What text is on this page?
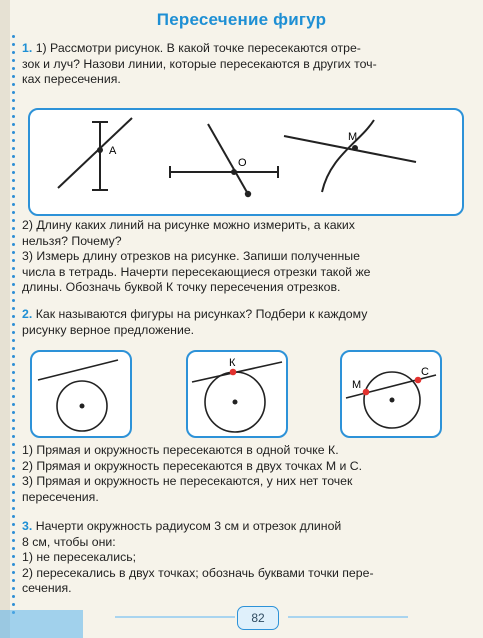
Пересечение фигур
1. 1) Рассмотри рисунок. В какой точке пересекаются отре-
зок и луч? Назови линии, которые пересекаются в других точ-
ках пересечения.
A
O
M
2) Длину каких линий на рисунке можно измерить, а каких
нельзя? Почему?
3) Измерь длину отрезков на рисунке. Запиши полученные
числа в тетрадь. Начерти пересекающиеся отрезки такой же
длины. Обозначь буквой К точку пересечения отрезков.
2. Как называются фигуры на рисунках? Подбери к каждому
рисунку верное предложение.
К
М
С
1) Прямая и окружность пересекаются в одной точке К.
2) Прямая и окружность пересекаются в двух точках М и С.
3) Прямая и окружность не пересекаются, у них нет точек
пересечения.
3. Начерти окружность радиусом 3 см и отрезок длиной
8 см, чтобы они:
1) не пересекались;
2) пересекались в двух точках; обозначь буквами точки пере-
сечения.
82
